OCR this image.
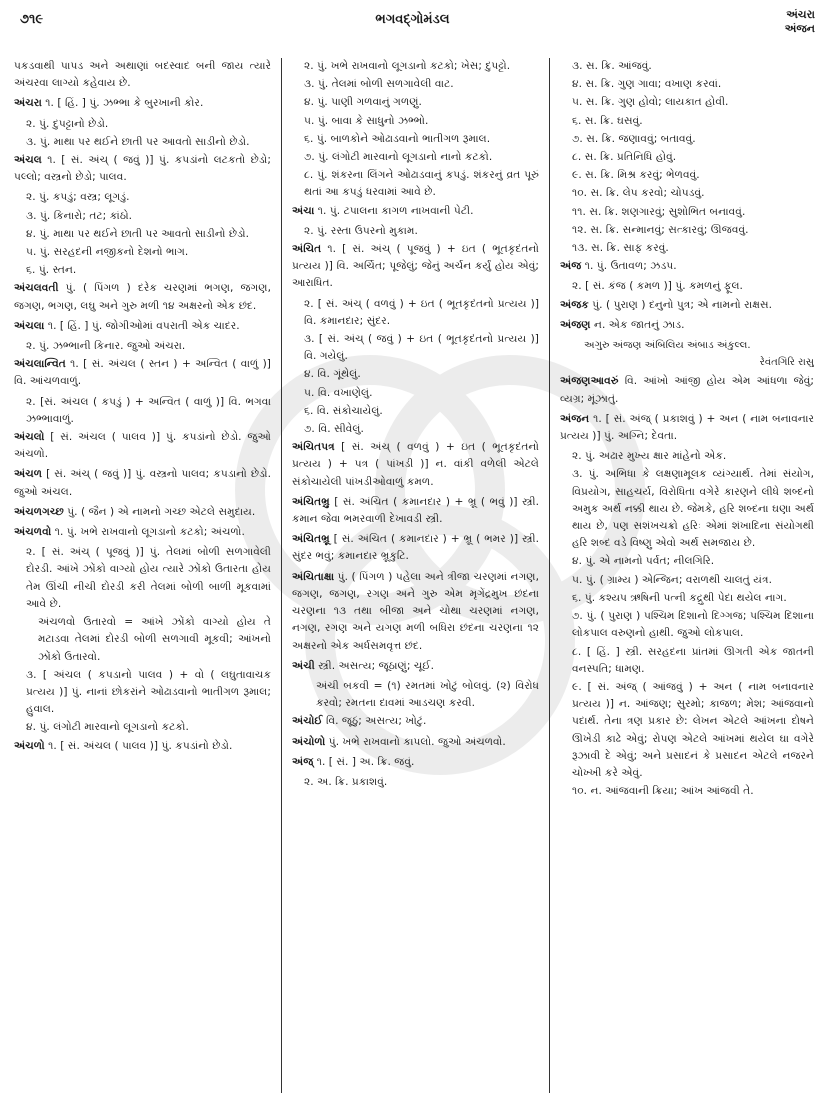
૭૧૯	ભગવદ્ગોમંડલ	અંચરા
અંજન
પકડવાથી પાપડ અને અથાણાં બદસ્વાદ બની જાય ત્યારે અંચરવા લાગ્યો કહેવાય છે.
અંચરા ૧. [ હિં. ] પું. ઝભ્ભા કે બુરખાની કોર.
૨. પું. દુપટ્ટાનો છેડો.
૩. પું. માથા પર થઈને છાતી પર આવતો સાડીનો છેડો.
અંચલ ૧. [ સં. અંચ્ ( જવું )] પું. કપડાંનો લટકતો છેડો; પલ્લો; વસ્ત્રનો છેડો; પાલવ.
૨. પું. કપડું; વસ્ત્ર; લૂગડું.
૩. પું. કિનારો; તટ; કાંઠો.
૪. પું. માથા પર થઈને છાતી પર આવતો સાડીનો છેડો.
૫. પું. સરહદની નજીકનો દેશનો ભાગ.
૬. પું. સ્તન.
અંચલવતી પું. ( પિંગળ ) દરેક ચરણમાં ભગણ, જગણ, જગણ, ભગણ, લઘુ અને ગુરુ મળી ૧૪ અક્ષરનો એક છંદ.
અંચલા ૧. [ હિં. ] પું. જોગીઓમાં વપરાતી એક ચાદર.
૨. પું. ઝભ્ભાની કિનાર. જુઓ અંચરા.
અંચલાન્વિત ૧. [ સં. અંચલ ( સ્તન ) + અન્વિત ( વાળું )] વિ. આંચળવાળું.
૨. [સં. અંચલ ( કપડું ) + અન્વિત ( વાળું )] વિ. ભગવા ઝભ્ભાવાળું.
અંચલો [ સં. અંચલ ( પાલવ )] પું. કપડાંનો છેડો. જુઓ અંચળો.
અંચળ [ સં. અંચ્ ( જવું )] પું. વસ્ત્રનો પાલવ; કપડાનો છેડો. જુઓ અંચલ.
અંચળગચ્છ પું. ( જૈન ) એ નામનો ગચ્છ એટલે સમુદાય.
અંચળવો ૧. પું. ખભે રાખવાનો લૂગડાનો કટકો; અંચળો.
૨. [ સં. અંચ્ ( પૂજવું )] પું. તેલમાં બોળી સળગાવેલી દોરડી. આંખે ઝોંકો વાગ્યો હોય ત્યારે ઝોંકો ઉતારતા હોય તેમ ઊંચી નીચી દોરડી કરી તેલમાં બોળી બાળી મૂકવામાં આવે છે.
અંચળવો ઉતારવો = આંખે ઝોંકો વાગ્યો હોય તે મટાડવા તેલમાં દોરડી બોળી સળગાવી મૂકવી; આંખનો ઝોંકો ઉતારવો.
૩. [ અંચલ ( કપડાનો પાલવ ) + વો ( લઘુતાવાચક પ્રત્યય )] પું. નાનાં છોકરાંને ઓઢાડવાનો ભાતીગળ રૂમાલ; હુવાલ.
૪. પું. લંગોટી મારવાનો લૂગડાનો કટકો.
અંચળો ૧. [ સં. અંચલ ( પાલવ )] પું. કપડાંનો છેડો.
૨. પું. ખભે રાખવાનો લૂગડાનો કટકો; ખેસ; દુપટ્ટો.
૩. પું. તેલમાં બોળી સળગાવેલી વાટ.
૪. પું. પાણી ગળવાનું ગળણું.
૫. પું. બાવા કે સાધુનો ઝભ્ભો.
૬. પું. બાળકોને ઓઢાડવાનો ભાતીગળ રૂમાલ.
૭. પું. લંગોટી મારવાનો લૂગડાનો નાનો કટકો.
૮. પું. શંકરના લિંગને ઓઢાડવાનું કપડું. શંકરનું વ્રત પૂરું થતાં આ કપડું ધરવામાં આવે છે.
અંચા ૧. પું. ટપાલના કાગળ નાખવાની પેટી.
૨. પું. રસ્તા ઉપરનો મુકામ.
અંચિત ૧. [ સં. અંચ્ ( પૂજવું ) + ઇત ( ભૂતકૃદંતનો પ્રત્યય )] વિ. અર્ચિત; પૂજેલું; જેનું અર્ચન કર્યું હોય એવું; આરાધિત.
૨. [ સં. અંચ્ ( વળવું ) + ઇત ( ભૂતકૃદંતનો પ્રત્યય )] વિ. કમાનદાર; સુંદર.
૩. [ સં. અંચ્ ( જવું ) + ઇત ( ભૂતકૃદંતનો પ્રત્યય )] વિ. ગયેલું.
૪. વિ. ગૂંથેલું.
૫. વિ. વખાણેલું.
૬. વિ. સંકોચાયેલું.
૭. વિ. સીવેલું.
અંચિતપત્ર [ સં. અંચ્ ( વળવું ) + ઇત ( ભૂતકૃદંતનો પ્રત્યય ) + પત્ર ( પાંખડી )] ન. વાંકી વળેલી એટલે સંકોચાયેલી પાંખડીઓવાળું કમળ.
અંચિતભ્રુ [ સં. અંચિત ( કમાનદાર ) + ભ્રૂ ( ભવું )] સ્ત્રી. કમાન જેવા ભમરવાળી દેખાવડી સ્ત્રી.
અંચિતભ્રૂ [ સં. અંચિત ( કમાનદાર ) + ભ્રૂ ( ભમર )] સ્ત્રી. સુંદર ભવું; કમાનદાર ભ્રૂકુટિ.
અંચિતાક્ષા પું. ( પિંગળ ) પહેલા અને ત્રીજા ચરણમાં નગણ, જગણ, જગણ, રગણ અને ગુરુ એમ મૃગેંદ્રમુખ છંદના ચરણના ૧૩ તથા બીજા અને ચોથા ચરણમાં નગણ, નગણ, રગણ અને યગણ મળી બધિરા છંદના ચરણના ૧૨ અક્ષરનો એક અર્ધસમવૃત્ત છંદ.
અંચી સ્ત્રી. અસત્ય; જૂઠાણું; ચૂઈ.
અંચી બકવી = (૧) રમતમાં ખોટું બોલવું. (૨) વિરોધ કરવો; રમતના દાવમાં આડચણ કરવી.
અંચોઈ વિ. જૂઠું; અસત્ય; ખોટું.
અંચોળો પું. ખભે રાખવાનો કાપલો. જુઓ અંચળવો.
અંજ્ ૧. [ સં. ] અ. ક્રિ. જવું.
૨. અ. ક્રિ. પ્રકાશવું.
૩. સ. ક્રિ. આંજવું.
૪. સ. ક્રિ. ગુણ ગાવા; વખાણ કરવાં.
૫. સ. ક્રિ. ગુણ હોવો; લાયકાત હોવી.
૬. સ. ક્રિ. ઘસવું.
૭. સ. ક્રિ. જણાવવું; બતાવવું.
૮. સ. ક્રિ. પ્રતિનિધિ હોવું.
૯. સ. ક્રિ. મિશ્ર કરવું; ભેળવવું.
૧૦. સ. ક્રિ. લેપ કરવો; ચોપડવું.
૧૧. સ. ક્રિ. શણગારવું; સુશોભિત બનાવવું.
૧૨. સ. ક્રિ. સન્માનવું; સત્કારવું; ઊજવવું.
૧૩. સ. ક્રિ. સાફ કરવું.
અંજ ૧. પું. ઉતાવળ; ઝડપ.
૨. [ સં. કંજ ( કમળ )] પું. કમળનું ફૂલ.
અંજક પું. ( પુરાણ ) દનુનો પુત્ર; એ નામનો રાક્ષસ.
અંજણ ન. એક જાતનું ઝાડ.
અગુરુ અંજણ અંબિલિય અંબાડ અંકુલ્લ.
રેવંતગિરિ રાસુ
અંજણઆવરું વિ. આંખો આંજી હોય એમ આંધળા જેવું; વ્યગ્ર; મૂંઝાતું.
અંજન ૧. [ સં. અંજ્ ( પ્રકાશવું ) + અન ( નામ બનાવનાર પ્રત્યય )] પું. અગ્નિ; દેવતા.
૨. પું. અઢાર મુખ્ય ક્ષાર માંહેનો એક.
૩. પું. અભિધા કે લક્ષણામૂલક વ્યંગ્યાર્થ. તેમાં સંયોગ, વિપ્રયોગ, સાહચર્ય, વિરોધિતા વગેરે કારણને લીધે શબ્દનો અમુક અર્થ નક્કી થાય છે. જેમકે, હરિ શબ્દના ઘણા અર્થ થાય છે, પણ સશંખચક્રો હરિઃ એમાં શંખાદિના સંયોગથી હરિ શબ્દ વડે વિષ્ણુ એવો અર્થ સમજાય છે.
૪. પું. એ નામનો પર્વત; નીલગિરિ.
૫. પું. ( ગ્રામ્ય ) એન્જિન; વરાળથી ચાલતું યંત્ર.
૬. પું. કશ્યપ ઋષિની પત્ની કદ્રુથી પેદા થયેલ નાગ.
૭. પું. ( પુરાણ ) પશ્ચિમ દિશાનો દિગ્ગજ; પશ્ચિમ દિશાના લોકપાલ વરુણનો હાથી. જુઓ લોકપાલ.
૮. [ હિં. ] સ્ત્રી. સરહદના પ્રાંતમાં ઊગતી એક જાતની વનસ્પતિ; ધામણ.
૯. [ સં. અંજ્ ( આંજવું ) + અન ( નામ બનાવનાર પ્રત્યય )] ન. આંજણ; સુરમો; કાજળ; મેશ; આંજવાનો પદાર્થ. તેના ત્રણ પ્રકાર છે: લેખન એટલે આંખના દોષને ઊખેડી કાઢે એવું; રોપણ એટલે આંખમાં થયેલ ઘા વગેરે રૂઝાવી દે એવું; અને પ્રસાદનં કે પ્રસાદન એટલે નજરને ચોખ્ખી કરે એવું.
૧૦. ન. આંજવાની ક્રિયા; આંખ આંજવી તે.
